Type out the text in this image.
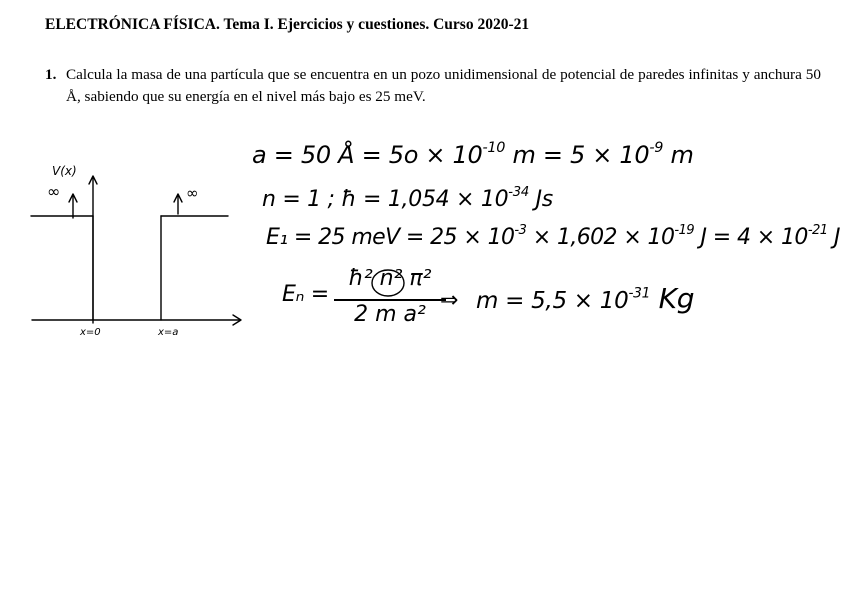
ELECTRÓNICA FÍSICA. Tema I. Ejercicios y cuestiones. Curso 2020-21
1. Calcula la masa de una partícula que se encuentra en un pozo unidimensional de potencial de paredes infinitas y anchura 50 Å, sabiendo que su energía en el nivel más bajo es 25 meV.
V(x)
∞	∞
x=0	x=a
a = 50 Å = $5o \times 10^{-10}$ $m = 5 \times 10^{-9}$ m
n = 1 ; ħ = $1,054 \times 10^{-34}$ Js
E₁ = 25 meV = $25 \times 10^{-3} \times 1,602 \times 10^{-19}$ $J = 4 \times 10^{-21}$ J
Eₙ =
ħ² n² π²
2 m a²
⇒ $m = 5,5 \times 10^{-31}$ Kg
